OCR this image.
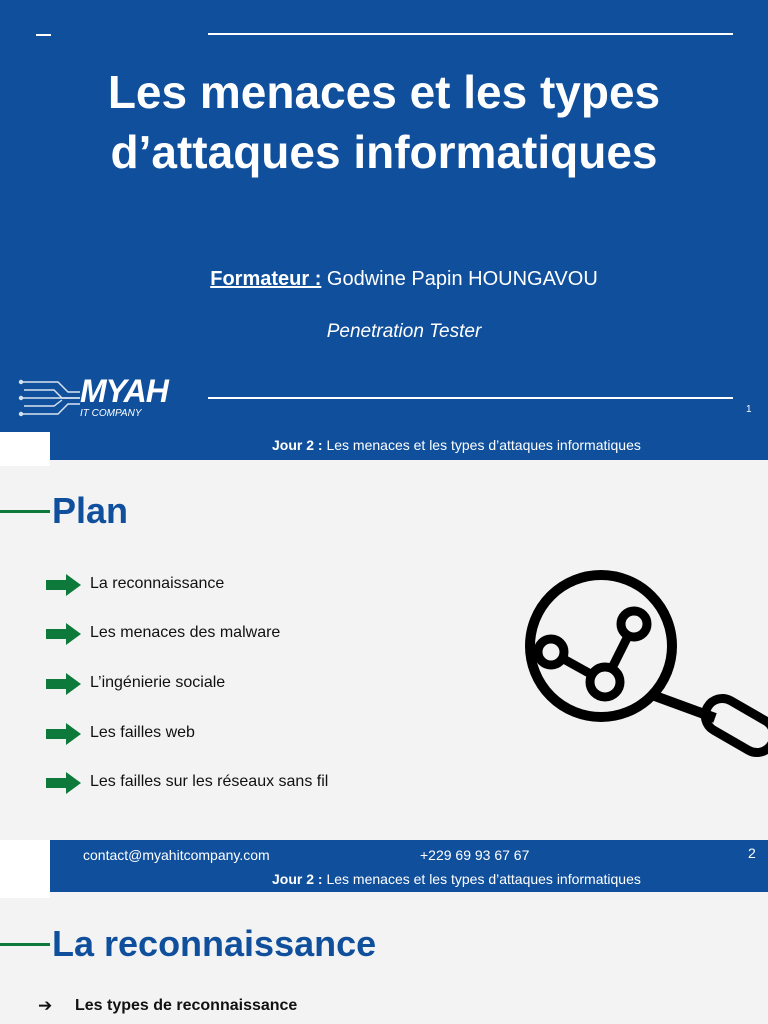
Les menaces et les types
d’attaques informatiques
Formateur : Godwine Papin HOUNGAVOU
Penetration Tester
MYAH
IT COMPANY	1
Jour 2 : Les menaces et les types d’attaques informatiques
Plan
La reconnaissance
Les menaces des malware
L’ingénierie sociale
Les failles web
Les failles sur les réseaux sans fil
contact@myahitcompany.com	+229 69 93 67 67	2
Jour 2 : Les menaces et les types d’attaques informatiques
La reconnaissance
➔ Les types de reconnaissance
